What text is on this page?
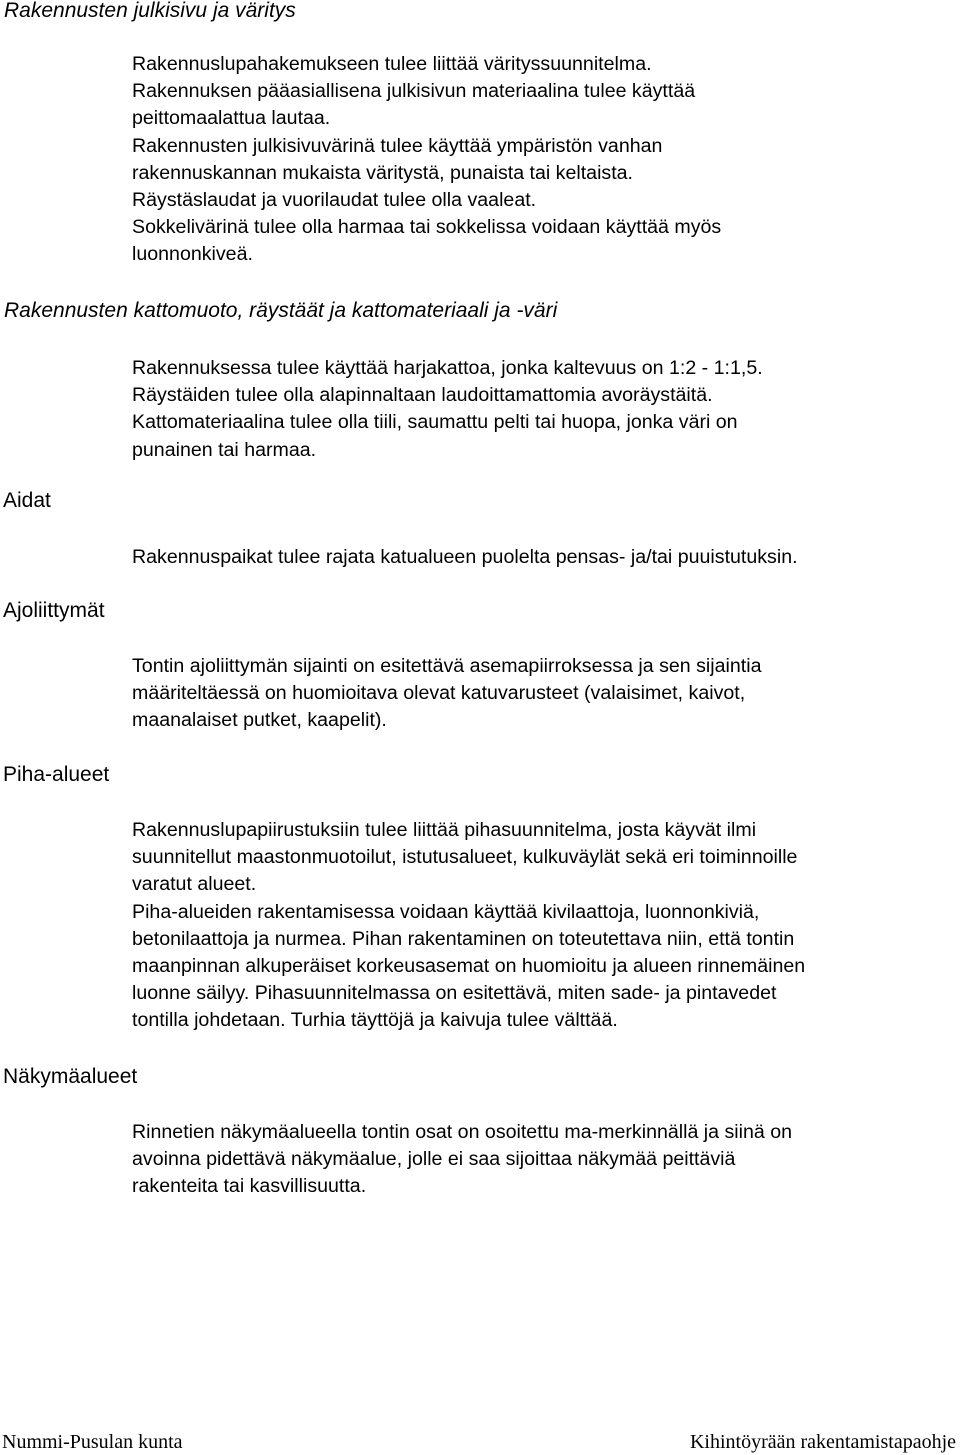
Rakennusten julkisivu ja väritys

Rakennuslupahakemukseen tulee liittää värityssuunnitelma.

Rakennuksen pääasiallisena julkisivun materiaalina tulee käyttää

peittomaalattua lautaa.

Rakennusten julkisivuvärinä tulee käyttää ympäristön vanhan

rakennuskannan mukaista väritystä, punaista tai keltaista.

Räystäslaudat ja vuorilaudat tulee olla vaaleat.

Sokkelivärinä tulee olla harmaa tai sokkelissa voidaan käyttää myös

luonnonkiveä.

Rakennusten kattomuoto, räystäät ja kattomateriaali ja -väri

Rakennuksessa tulee käyttää harjakattoa, jonka kaltevuus on 1:2 - 1:1,5.

Räystäiden tulee olla alapinnaltaan laudoittamattomia avoräystäitä.

Kattomateriaalina tulee olla tiili, saumattu pelti tai huopa, jonka väri on

punainen tai harmaa.

Aidat

Rakennuspaikat tulee rajata katualueen puolelta pensas- ja/tai puuistutuksin.

Ajoliittymät

Tontin ajoliittymän sijainti on esitettävä asemapiirroksessa ja sen sijaintia

määriteltäessä on huomioitava olevat katuvarusteet (valaisimet, kaivot,

maanalaiset putket, kaapelit).

Piha-alueet

Rakennuslupapiirustuksiin tulee liittää pihasuunnitelma, josta käyvät ilmi

suunnitellut maastonmuotoilut, istutusalueet, kulkuväylät sekä eri toiminnoille

varatut alueet.

Piha-alueiden rakentamisessa voidaan käyttää kivilaattoja, luonnonkiviä,

betonilaattoja ja nurmea. Pihan rakentaminen on toteutettava niin, että tontin

maanpinnan alkuperäiset korkeusasemat on huomioitu ja alueen rinnemäinen

luonne säilyy. Pihasuunnitelmassa on esitettävä, miten sade- ja pintavedet

tontilla johdetaan. Turhia täyttöjä ja kaivuja tulee välttää.

Näkymäalueet

Rinnetien näkymäalueella tontin osat on osoitettu ma-merkinnällä ja siinä on

avoinna pidettävä näkymäalue, jolle ei saa sijoittaa näkymää peittäviä

rakenteita tai kasvillisuutta.

Nummi-Pusulan kunta	Kihintöyrään rakentamistapaohje
